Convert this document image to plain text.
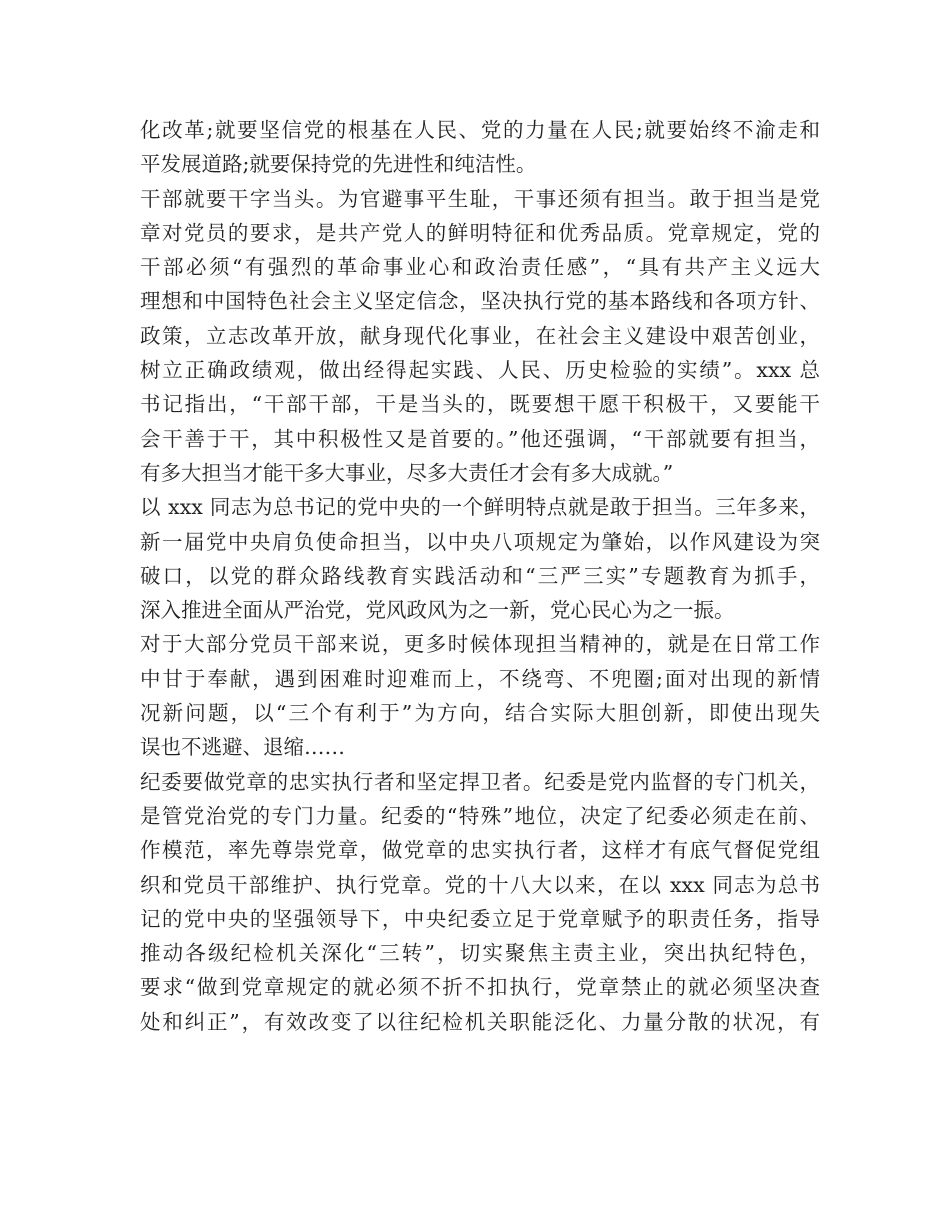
化改革;就要坚信党的根基在人民、党的力量在人民;就要始终不渝走和
平发展道路;就要保持党的先进性和纯洁性。
干部就要干字当头。为官避事平生耻，干事还须有担当。敢于担当是党
章对党员的要求，是共产党人的鲜明特征和优秀品质。党章规定，党的
干部必须“有强烈的革命事业心和政治责任感”，“具有共产主义远大
理想和中国特色社会主义坚定信念，坚决执行党的基本路线和各项方针、
政策，立志改革开放，献身现代化事业，在社会主义建设中艰苦创业，
树立正确政绩观，做出经得起实践、人民、历史检验的实绩”。xxx 总
书记指出，“干部干部，干是当头的，既要想干愿干积极干，又要能干
会干善于干，其中积极性又是首要的。”他还强调，“干部就要有担当，
有多大担当才能干多大事业，尽多大责任才会有多大成就。”
以 xxx 同志为总书记的党中央的一个鲜明特点就是敢于担当。三年多来，
新一届党中央肩负使命担当，以中央八项规定为肇始，以作风建设为突
破口，以党的群众路线教育实践活动和“三严三实”专题教育为抓手，
深入推进全面从严治党，党风政风为之一新，党心民心为之一振。
对于大部分党员干部来说，更多时候体现担当精神的，就是在日常工作
中甘于奉献，遇到困难时迎难而上，不绕弯、不兜圈;面对出现的新情
况新问题，以“三个有利于”为方向，结合实际大胆创新，即使出现失
误也不逃避、退缩……
纪委要做党章的忠实执行者和坚定捍卫者。纪委是党内监督的专门机关，
是管党治党的专门力量。纪委的“特殊”地位，决定了纪委必须走在前、
作模范，率先尊崇党章，做党章的忠实执行者，这样才有底气督促党组
织和党员干部维护、执行党章。党的十八大以来，在以 xxx 同志为总书
记的党中央的坚强领导下，中央纪委立足于党章赋予的职责任务，指导
推动各级纪检机关深化“三转”，切实聚焦主责主业，突出执纪特色，
要求“做到党章规定的就必须不折不扣执行，党章禁止的就必须坚决查
处和纠正”，有效改变了以往纪检机关职能泛化、力量分散的状况，有
